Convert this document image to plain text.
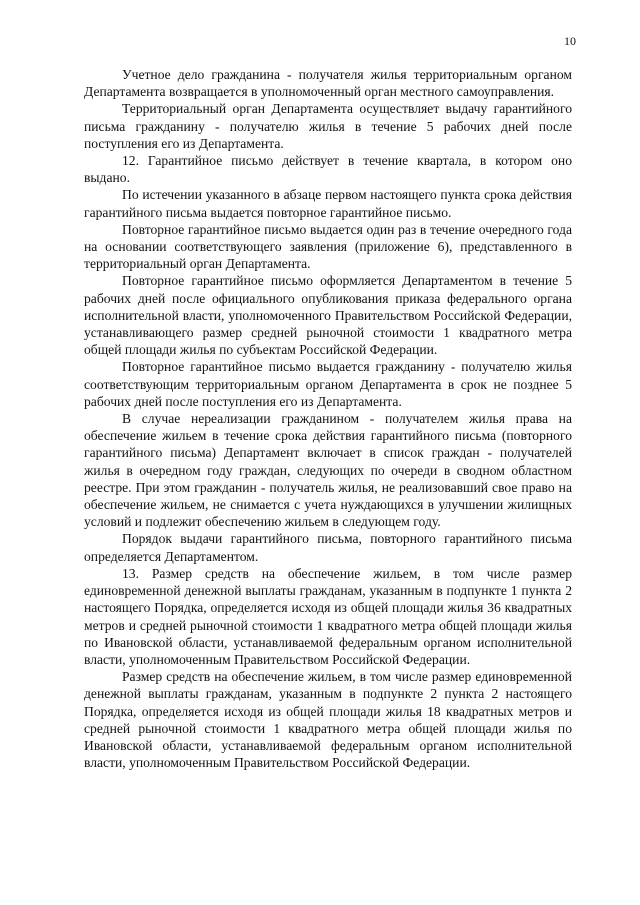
10

Учетное дело гражданина - получателя жилья территориальным органом Департамента возвращается в уполномоченный орган местного самоуправления.

Территориальный орган Департамента осуществляет выдачу гарантийного письма гражданину - получателю жилья в течение 5 рабочих дней после поступления его из Департамента.

12. Гарантийное письмо действует в течение квартала, в котором оно выдано.

По истечении указанного в абзаце первом настоящего пункта срока действия гарантийного письма выдается повторное гарантийное письмо.

Повторное гарантийное письмо выдается один раз в течение очередного года на основании соответствующего заявления (приложение 6), представленного в территориальный орган Департамента.

Повторное гарантийное письмо оформляется Департаментом в течение 5 рабочих дней после официального опубликования приказа федерального органа исполнительной власти, уполномоченного Правительством Российской Федерации, устанавливающего размер средней рыночной стоимости 1 квадратного метра общей площади жилья по субъектам Российской Федерации.

Повторное гарантийное письмо выдается гражданину - получателю жилья соответствующим территориальным органом Департамента в срок не позднее 5 рабочих дней после поступления его из Департамента.

В случае нереализации гражданином - получателем жилья права на обеспечение жильем в течение срока действия гарантийного письма (повторного гарантийного письма) Департамент включает в список граждан - получателей жилья в очередном году граждан, следующих по очереди в сводном областном реестре. При этом гражданин - получатель жилья, не реализовавший свое право на обеспечение жильем, не снимается с учета нуждающихся в улучшении жилищных условий и подлежит обеспечению жильем в следующем году.

Порядок выдачи гарантийного письма, повторного гарантийного письма определяется Департаментом.

13. Размер средств на обеспечение жильем, в том числе размер единовременной денежной выплаты гражданам, указанным в подпункте 1 пункта 2 настоящего Порядка, определяется исходя из общей площади жилья 36 квадратных метров и средней рыночной стоимости 1 квадратного метра общей площади жилья по Ивановской области, устанавливаемой федеральным органом исполнительной власти, уполномоченным Правительством Российской Федерации.

Размер средств на обеспечение жильем, в том числе размер единовременной денежной выплаты гражданам, указанным в подпункте 2 пункта 2 настоящего Порядка, определяется исходя из общей площади жилья 18 квадратных метров и средней рыночной стоимости 1 квадратного метра общей площади жилья по Ивановской области, устанавливаемой федеральным органом исполнительной власти, уполномоченным Правительством Российской Федерации.
